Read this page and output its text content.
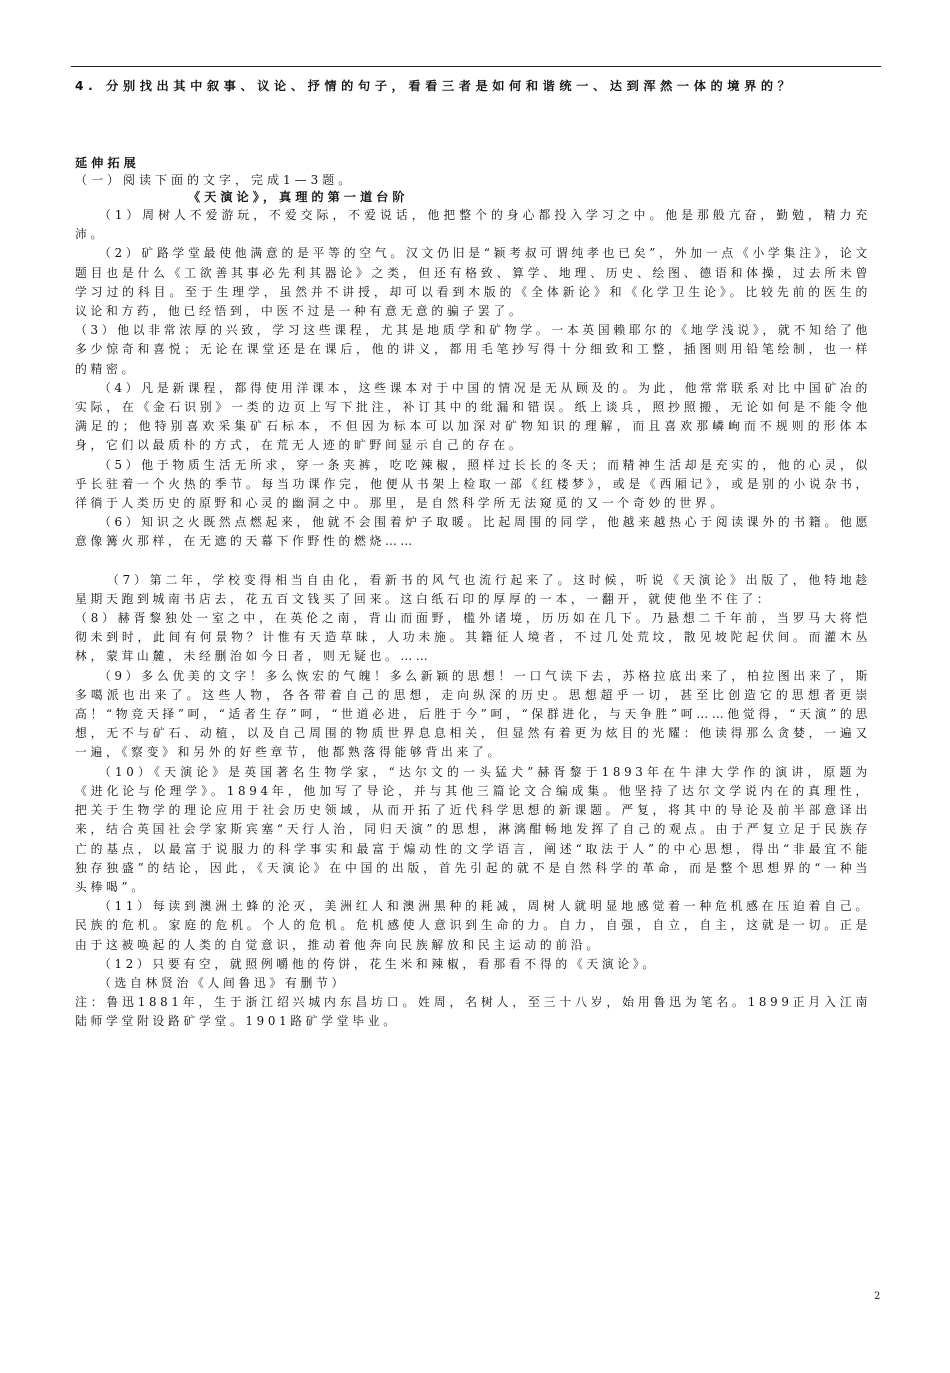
4. 分别找出其中叙事、议论、抒情的句子，看看三者是如何和谐统一、达到浑然一体的境界的？

延伸拓展

（一）阅读下面的文字，完成1—3题。

《天演论》，真理的第一道台阶

（1）周树人不爱游玩，不爱交际，不爱说话，他把整个的身心都投入学习之中。他是那般亢奋，勤勉，精力充沛。

（2）矿路学堂最使他满意的是平等的空气。汉文仍旧是“颖考叔可谓纯孝也已矣”，外加一点《小学集注》，论文题目也是什么《工欲善其事必先利其器论》之类，但还有格致、算学、地理、历史、绘图、德语和体操，过去所未曾学习过的科目。至于生理学，虽然并不讲授，却可以看到木版的《全体新论》和《化学卫生论》。比较先前的医生的议论和方药，他已经悟到，中医不过是一种有意无意的骗子罢了。

（3）他以非常浓厚的兴致，学习这些课程，尤其是地质学和矿物学。一本英国赖耶尔的《地学浅说》，就不知给了他多少惊奇和喜悦；无论在课堂还是在课后，他的讲义，都用毛笔抄写得十分细致和工整，插图则用铅笔绘制，也一样的精密。

（4）凡是新课程，都得使用洋课本，这些课本对于中国的情况是无从顾及的。为此，他常常联系对比中国矿冶的实际，在《金石识别》一类的边页上写下批注，补订其中的纰漏和错误。纸上谈兵，照抄照搬，无论如何是不能令他满足的；他特别喜欢采集矿石标本，不但因为标本可以加深对矿物知识的理解，而且喜欢那嶙峋而不规则的形体本身，它们以最质朴的方式，在荒无人迹的旷野间显示自己的存在。

（5）他于物质生活无所求，穿一条夹裤，吃吃辣椒，照样过长长的冬天；而精神生活却是充实的，他的心灵，似乎长驻着一个火热的季节。每当功课作完，他便从书架上检取一部《红楼梦》，或是《西厢记》，或是别的小说杂书，徉徜于人类历史的原野和心灵的幽洞之中。那里，是自然科学所无法窥觅的又一个奇妙的世界。

（6）知识之火既然点燃起来，他就不会围着炉子取暖。比起周围的同学，他越来越热心于阅读课外的书籍。他愿意像篝火那样，在无遮的天幕下作野性的燃烧……

（7）第二年，学校变得相当自由化，看新书的风气也流行起来了。这时候，听说《天演论》出版了，他特地趁星期天跑到城南书店去，花五百文钱买了回来。这白纸石印的厚厚的一本，一翻开，就使他坐不住了：

（8）赫胥黎独处一室之中，在英伦之南，背山而面野，槛外诸境，历历如在几下。乃悬想二千年前，当罗马大将恺彻未到时，此间有何景物？计惟有天造草昧，人功未施。其籍征人境者，不过几处荒坟，散见坡陀起伏间。而灌木丛林，蒙茸山麓，未经删治如今日者，则无疑也。……

（9）多么优美的文字！多么恢宏的气魄！多么新颖的思想！一口气读下去，苏格拉底出来了，柏拉图出来了，斯多噶派也出来了。这些人物，各各带着自己的思想，走向纵深的历史。思想超乎一切，甚至比创造它的思想者更崇高！“物竞天择”呵，“适者生存”呵，“世道必进，后胜于今”呵，“保群进化，与天争胜”呵……他觉得，“天演”的思想，无不与矿石、动植，以及自己周围的物质世界息息相关，但显然有着更为炫目的光耀：他读得那么贪婪，一遍又一遍，《察变》和另外的好些章节，他都熟落得能够背出来了。

（10）《天演论》是英国著名生物学家，“达尔文的一头猛犬”赫胥黎于1893年在牛津大学作的演讲，原题为《进化论与伦理学》。1894年，他加写了导论，并与其他三篇论文合编成集。他坚持了达尔文学说内在的真理性，把关于生物学的理论应用于社会历史领域，从而开拓了近代科学思想的新课题。严复，将其中的导论及前半部意译出来，结合英国社会学家斯宾塞“天行人治，同归天演”的思想，淋漓酣畅地发挥了自己的观点。由于严复立足于民族存亡的基点，以最富于说服力的科学事实和最富于煽动性的文学语言，阐述“取法于人”的中心思想，得出“非最宜不能独存独盛”的结论，因此，《天演论》在中国的出版，首先引起的就不是自然科学的革命，而是整个思想界的“一种当头棒喝”。

（11）每读到澳洲土蜂的沦灭，美洲红人和澳洲黑种的耗减，周树人就明显地感觉着一种危机感在压迫着自己。民族的危机。家庭的危机。个人的危机。危机感使人意识到生命的力。自力，自强，自立，自主，这就是一切。正是由于这被唤起的人类的自觉意识，推动着他奔向民族解放和民主运动的前沿。

（12）只要有空，就照例嚼他的侉饼，花生米和辣椒，看那看不得的《天演论》。

（选自林贤治《人间鲁迅》有删节）

注：鲁迅1881年，生于浙江绍兴城内东昌坊口。姓周，名树人，至三十八岁，始用鲁迅为笔名。1899正月入江南陆师学堂附设路矿学堂。1901路矿学堂毕业。

2
